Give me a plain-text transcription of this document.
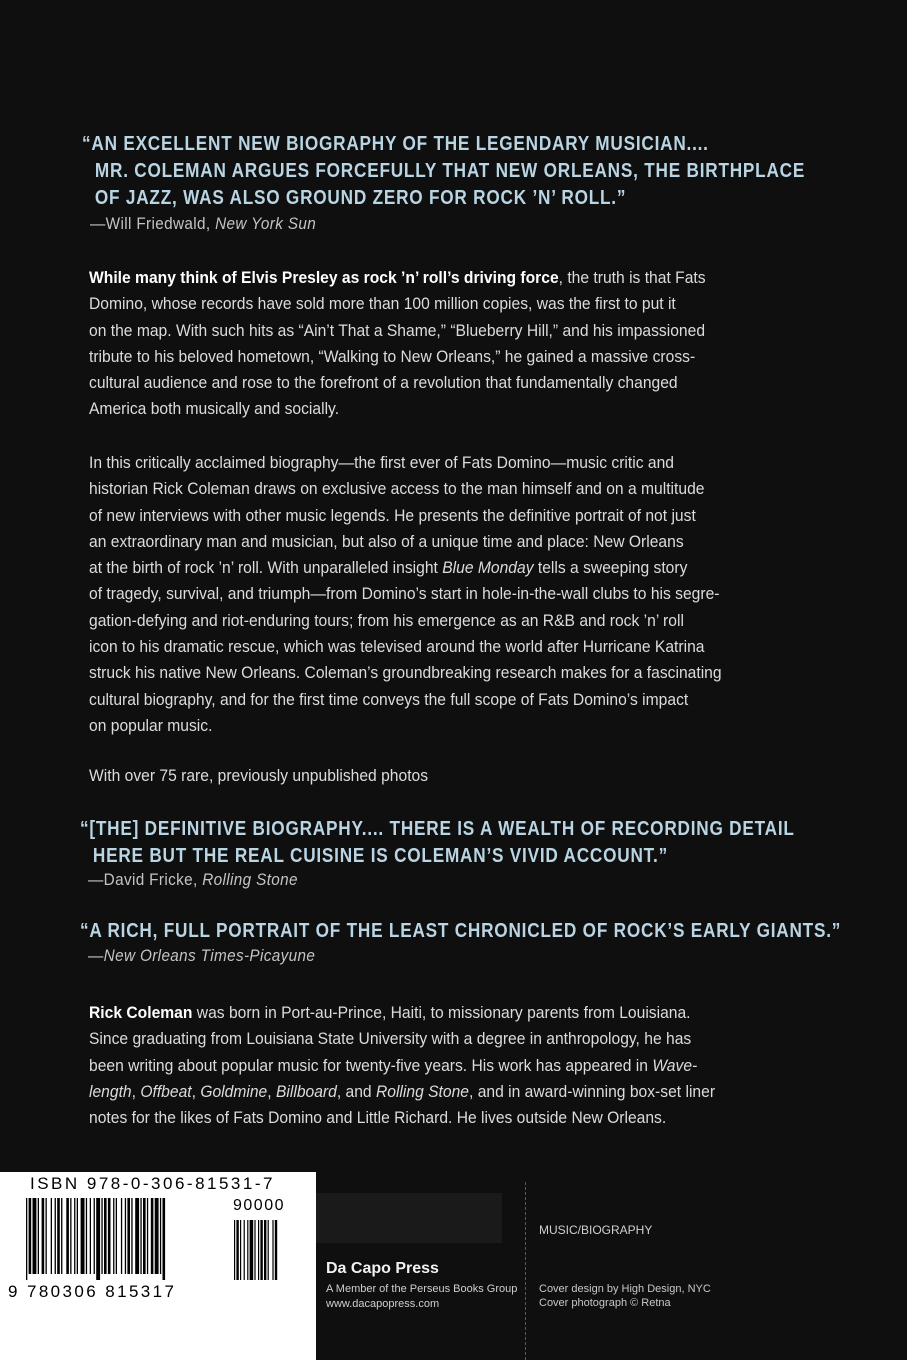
“AN EXCELLENT NEW BIOGRAPHY OF THE LEGENDARY MUSICIAN....
MR. COLEMAN ARGUES FORCEFULLY THAT NEW ORLEANS, THE BIRTHPLACE
OF JAZZ, WAS ALSO GROUND ZERO FOR ROCK ’N’ ROLL.”
—Will Friedwald, New York Sun
While many think of Elvis Presley as rock ’n’ roll’s driving force, the truth is that Fats
Domino, whose records have sold more than 100 million copies, was the first to put it
on the map. With such hits as “Ain’t That a Shame,” “Blueberry Hill,” and his impassioned
tribute to his beloved hometown, “Walking to New Orleans,” he gained a massive cross-
cultural audience and rose to the forefront of a revolution that fundamentally changed
America both musically and socially.
In this critically acclaimed biography—the first ever of Fats Domino—music critic and
historian Rick Coleman draws on exclusive access to the man himself and on a multitude
of new interviews with other music legends. He presents the definitive portrait of not just
an extraordinary man and musician, but also of a unique time and place: New Orleans
at the birth of rock ’n’ roll. With unparalleled insight Blue Monday tells a sweeping story
of tragedy, survival, and triumph—from Domino’s start in hole-in-the-wall clubs to his segre-
gation-defying and riot-enduring tours; from his emergence as an R&B and rock ’n’ roll
icon to his dramatic rescue, which was televised around the world after Hurricane Katrina
struck his native New Orleans. Coleman’s groundbreaking research makes for a fascinating
cultural biography, and for the first time conveys the full scope of Fats Domino’s impact
on popular music.
With over 75 rare, previously unpublished photos
“[THE] DEFINITIVE BIOGRAPHY.... THERE IS A WEALTH OF RECORDING DETAIL
HERE BUT THE REAL CUISINE IS COLEMAN’S VIVID ACCOUNT.”
—David Fricke, Rolling Stone
“A RICH, FULL PORTRAIT OF THE LEAST CHRONICLED OF ROCK’S EARLY GIANTS.”
—New Orleans Times-Picayune
Rick Coleman was born in Port-au-Prince, Haiti, to missionary parents from Louisiana.
Since graduating from Louisiana State University with a degree in anthropology, he has
been writing about popular music for twenty-five years. His work has appeared in Wave-
length, Offbeat, Goldmine, Billboard, and Rolling Stone, and in award-winning box-set liner
notes for the likes of Fats Domino and Little Richard. He lives outside New Orleans.
ISBN 978-0-306-81531-7
90000
9 780306 815317
Da Capo Press
A Member of the Perseus Books Group
www.dacapopress.com
MUSIC/BIOGRAPHY
Cover design by High Design, NYC
Cover photograph © Retna
